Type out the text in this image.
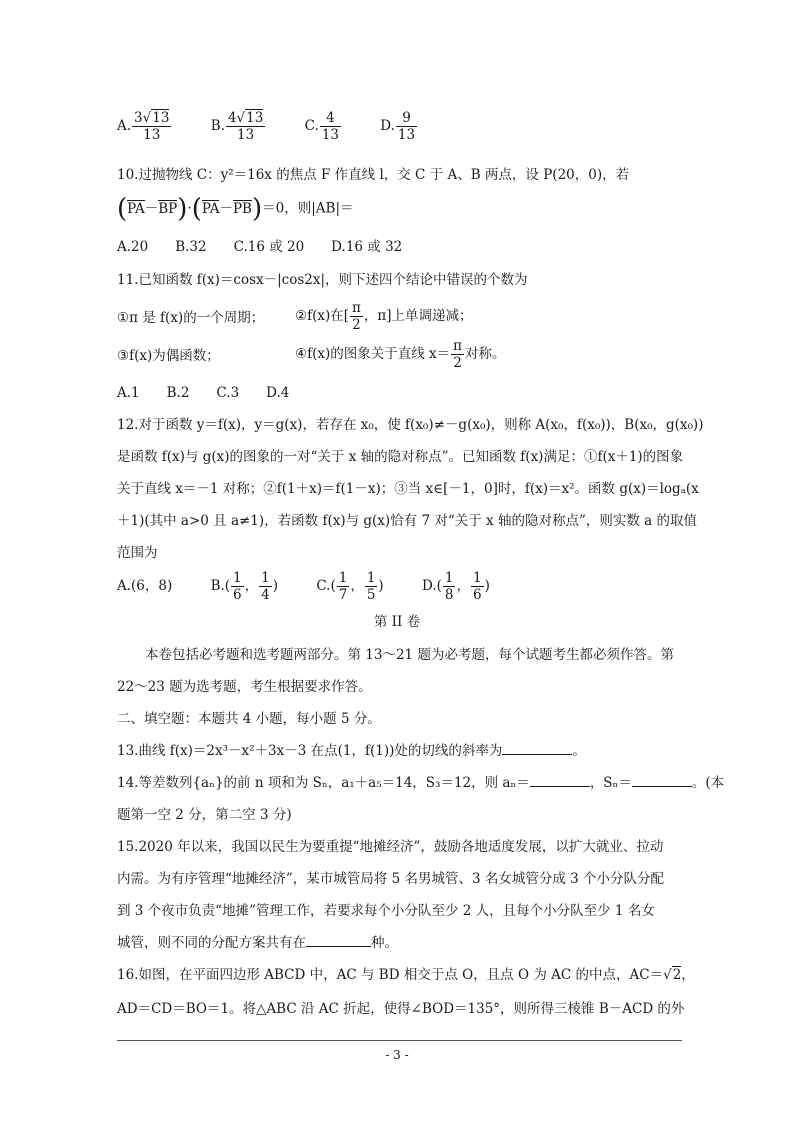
A. $\frac{3√13}{13}$	B. $\frac{4√13}{13}$	C. $\frac{4}{13}$	D. $\frac{9}{13}$
10.过抛物线 C：y²＝16x 的焦点 F 作直线 l，交 C 于 A、B 两点，设 P(20，0)，若
(PA－BP)·(PA－PB)＝0，则|AB|＝
A.20　　B.32　　C.16 或 20　　D.16 或 32
11.已知函数 f(x)＝cosx－|cos2x|，则下述四个结论中错误的个数为
①π 是 f(x)的一个周期； ②f(x)在[ $\frac{\pi}{2}$ ，π]上单调递减；
③f(x)为偶函数；	④f(x)的图象关于直线 $x= \frac{\pi}{2}$ 对称。
A.1　　B.2　　C.3　　D.4
12.对于函数 y＝f(x)，y＝g(x)，若存在 x₀，使 f(x₀)≠－g(x₀)，则称 A(x₀，f(x₀))，B(x₀，g(x₀))
是函数 f(x)与 g(x)的图象的一对“关于 x 轴的隐对称点”。已知函数 f(x)满足：①f(x＋1)的图象
关于直线 x＝－1 对称；②f(1＋x)＝f(1－x)；③当 x∈[－1，0]时，f(x)＝x²。函数 g(x)＝logₐ(x
＋1)(其中 a>0 且 a≠1)，若函数 f(x)与 g(x)恰有 7 对“关于 x 轴的隐对称点”，则实数 a 的取值
范围为
A.(6，8)	$B.( \frac{1}{6}$ ， $\frac{1}{4}$ )	$C.( \frac{1}{7}$ ， $\frac{1}{5}$ )	$D.( \frac{1}{8}$ ， $\frac{1}{6}$ )
第 II 卷
本卷包括必考题和选考题两部分。第 13～21 题为必考题，每个试题考生都必须作答。第
22～23 题为选考题，考生根据要求作答。
二、填空题：本题共 4 小题，每小题 5 分。
13.曲线 f(x)＝2x³－x²＋3x－3 在点(1，f(1))处的切线的斜率为	。
14.等差数列{aₙ}的前 n 项和为 Sₙ，a₁＋a₅＝14，S₃＝12，则 aₙ＝	，Sₙ＝	。(本
题第一空 2 分，第二空 3 分)
15.2020 年以来，我国以民生为要重提“地摊经济”，鼓励各地适度发展，以扩大就业、拉动
内需。为有序管理“地摊经济”，某市城管局将 5 名男城管、3 名女城管分成 3 个小分队分配
到 3 个夜市负责“地摊”管理工作，若要求每个小分队至少 2 人，且每个小分队至少 1 名女
城管，则不同的分配方案共有在	种。
16.如图，在平面四边形 ABCD 中，AC 与 BD 相交于点 O，且点 O 为 AC 的中点，AC＝√2，
AD＝CD＝BO＝1。将△ABC 沿 AC 折起，使得∠BOD＝135°，则所得三棱锥 B－ACD 的外
- 3 -
